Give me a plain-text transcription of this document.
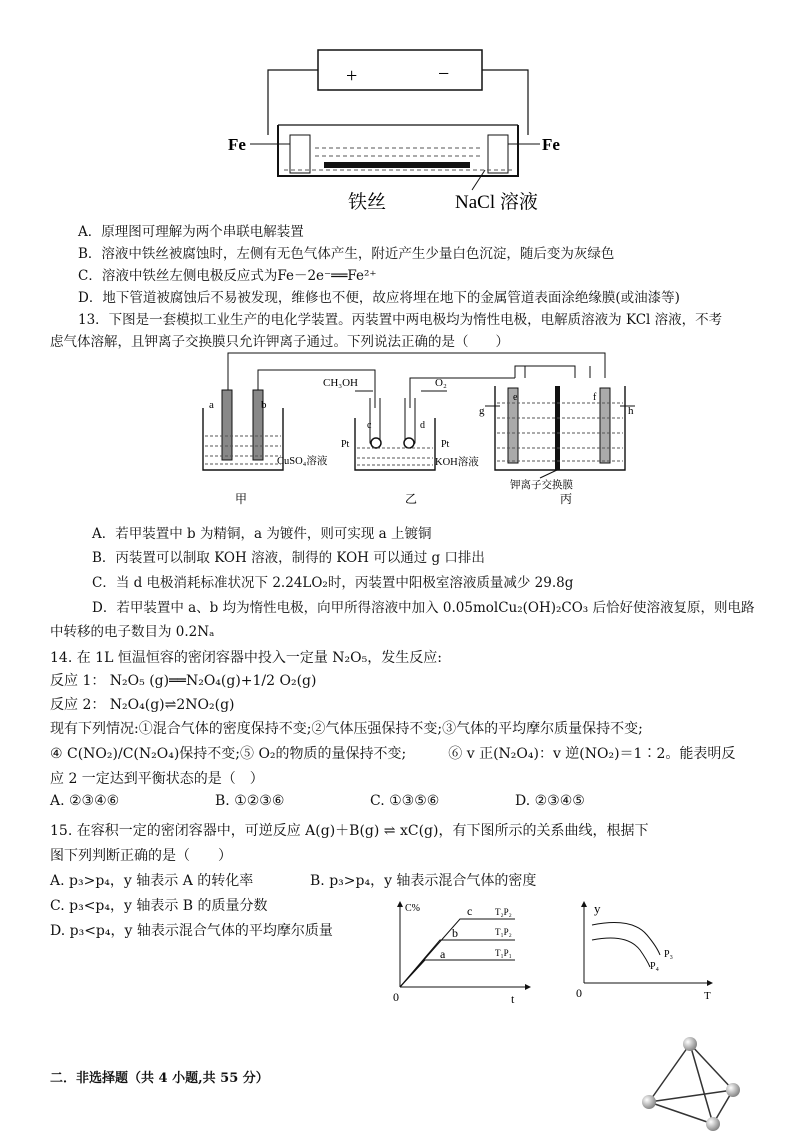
+	−
Fe	Fe
铁丝	NaCl 溶液
A．原理图可理解为两个串联电解装置
B．溶液中铁丝被腐蚀时，左侧有无色气体产生，附近产生少量白色沉淀，随后变为灰绿色
C．溶液中铁丝左侧电极反应式为Fe－2e⁻══Fe²⁺
D．地下管道被腐蚀后不易被发现，维修也不便，故应将埋在地下的金属管道表面涂绝缘膜(或油漆等)
13．下图是一套模拟工业生产的电化学装置。丙装置中两电极均为惰性电极，电解质溶液为 KCl 溶液，不考
虑气体溶解，且钾离子交换膜只允许钾离子通过。下列说法正确的是（　　）
a	b
CuSO₄溶液
甲
CH₃OH	O₂
c	d
Pt	Pt
KOH溶液
乙
e	f
g	h
钾离子交换膜
丙
A．若甲装置中 b 为精铜，a 为镀件，则可实现 a 上镀铜
B．丙装置可以制取 KOH 溶液，制得的 KOH 可以通过 g 口排出
C．当 d 电极消耗标准状况下 2.24LO₂时，丙装置中阳极室溶液质量减少 29.8g
D．若甲装置中 a、b 均为惰性电极，向甲所得溶液中加入 0.05molCu₂(OH)₂CO₃ 后恰好使溶液复原，则电路
中转移的电子数目为 0.2Nₐ
14. 在 1L 恒温恒容的密闭容器中投入一定量 N₂O₅，发生反应:
反应 1： N₂O₅ (g)══N₂O₄(g)+1/2 O₂(g)
反应 2： N₂O₄(g)⇌2NO₂(g)
现有下列情况:①混合气体的密度保持不变;②气体压强保持不变;③气体的平均摩尔质量保持不变;
④ C(NO₂)/C(N₂O₄)保持不变;⑤ O₂的物质的量保持不变;　　　⑥ v 正(N₂O₄)：v 逆(NO₂)＝1∶2。能表明反
应 2 一定达到平衡状态的是（　）
A. ②③④⑥	B. ①②③⑥	C. ①③⑤⑥	D. ②③④⑤
15. 在容积一定的密闭容器中，可逆反应 A(g)＋B(g) ⇌ xC(g)，有下图所示的关系曲线，根据下
图下列判断正确的是（　　）
A. p₃>p₄，y 轴表示 A 的转化率	B. p₃>p₄，y 轴表示混合气体的密度
C. p₃<p₄，y 轴表示 B 的质量分数
D. p₃<p₄，y 轴表示混合气体的平均摩尔质量
C%	c
b
a
T₂P₂
T₁P₂
T₁P₁
0	t
y
P₃
P₄
0	T
二．非选择题（共 4 小题,共 55 分）
